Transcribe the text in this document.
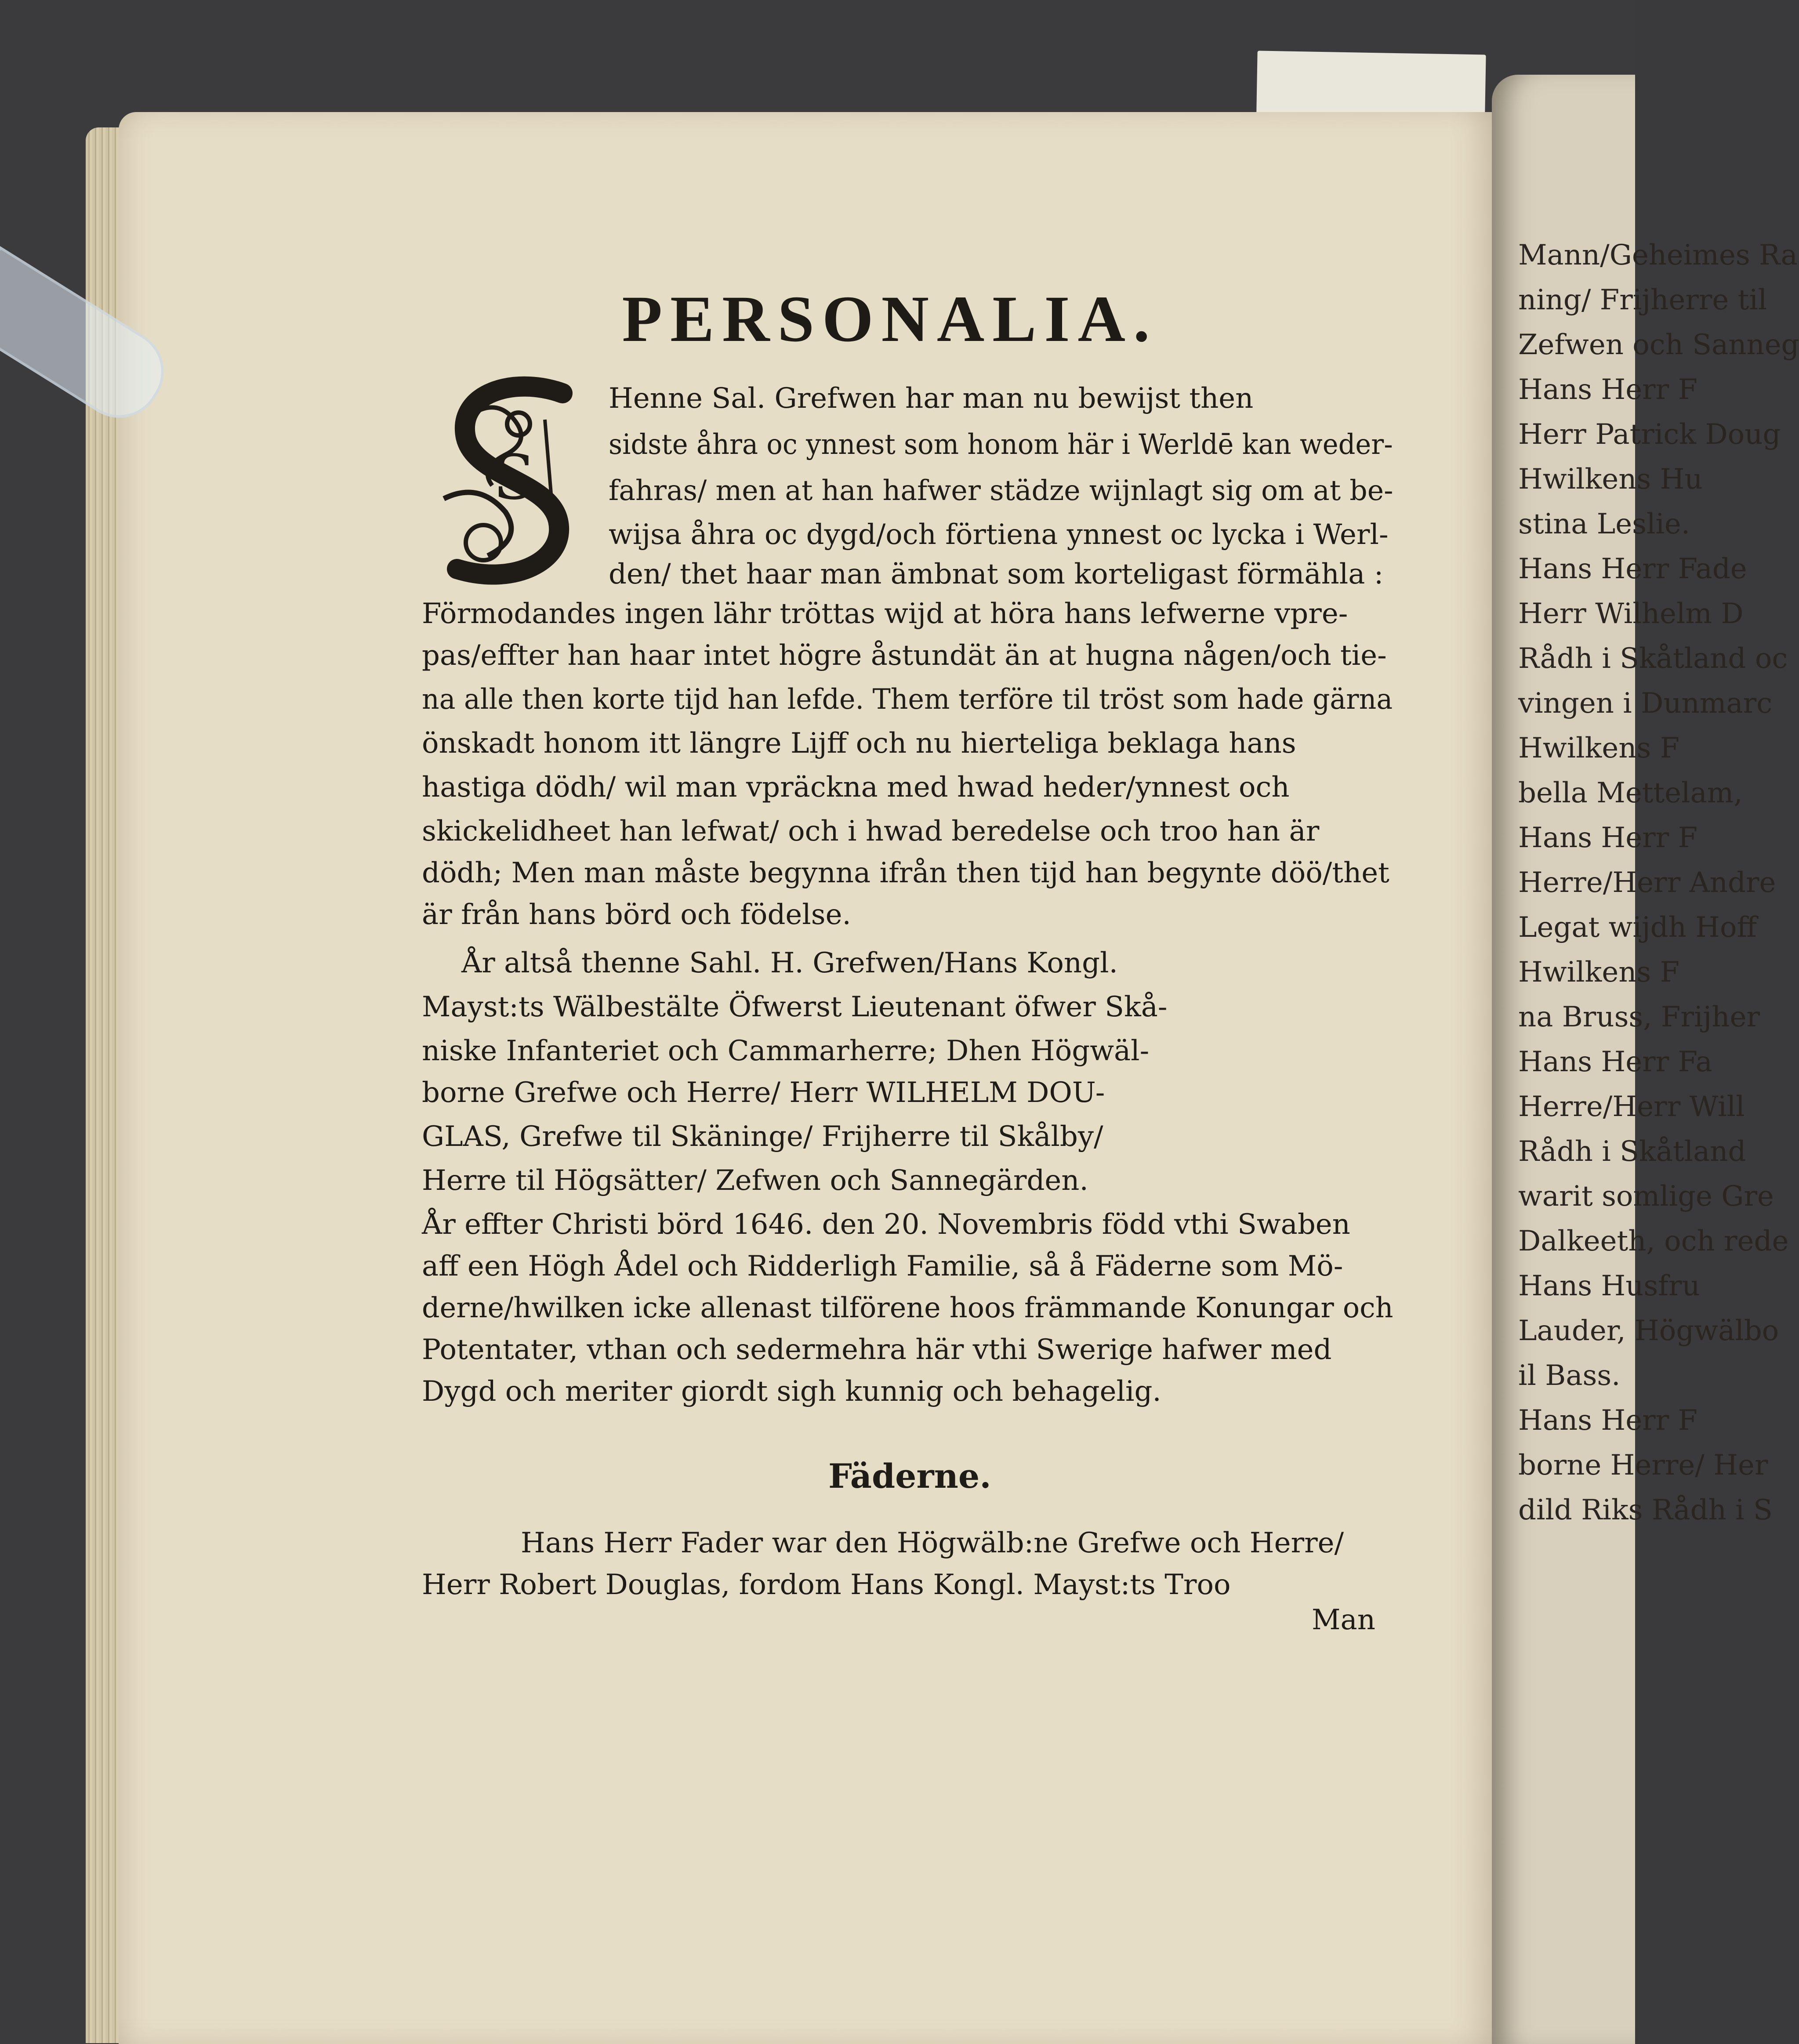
Mann/Geheimes Ra
ning/ Frijherre til
Zefwen och Sanneg
Hans Herr F
Herr Patrick Doug
Hwilkens Hu
stina Leslie.
Hans Herr Fade
Herr Wilhelm D
Rådh i Skåtland oc
vingen i Dunmarc
Hwilkens F
bella Mettelam,
Hans Herr F
Herre/Herr Andre
Legat wijdh Hoff
Hwilkens F
na Bruss, Frijher
Hans Herr Fa
Herre/Herr Will
Rådh i Skåtland
warit somlige Gre
Dalkeeth, och rede
Hans Husfru
Lauder, Högwälbo
il Bass.
Hans Herr F
borne Herre/ Her
dild Riks Rådh i S
PERSONALIA.
S

Henne Sal. Grefwen har man nu bewijst then

sidste åhra oc ynnest som honom här i Werldē kan weder-

fahras/ men at han hafwer städze wijnlagt sig om at be-

wijsa åhra oc dygd/och förtiena ynnest oc lycka i Werl-

den/ thet haar man ämbnat som korteligast förmähla :

Förmodandes ingen lähr tröttas wijd at höra hans lefwerne vpre-

pas/effter han haar intet högre åstundät än at hugna någen/och tie-

na alle then korte tijd han lefde. Them terföre til tröst som hade gärna

önskadt honom itt längre Lijff och nu hierteliga beklaga hans

hastiga dödh/ wil man vpräckna med hwad heder/ynnest och

skickelidheet han lefwat/ och i hwad beredelse och troo han är

dödh; Men man måste begynna ifrån then tijd han begynte döö/thet

är från hans börd och födelse.

År altså thenne Sahl. H. Grefwen/Hans Kongl.

Mayst:ts Wälbestälte Öfwerst Lieutenant öfwer Skå-

niske Infanteriet och Cammarherre; Dhen Högwäl-

borne Grefwe och Herre/ Herr WILHELM DOU-

GLAS, Grefwe til Skäninge/ Frijherre til Skålby/

Herre til Högsätter/ Zefwen och Sannegärden.

År effter Christi börd 1646. den 20. Novembris född vthi Swaben

aff een Högh Ådel och Ridderligh Familie, så å Fäderne som Mö-

derne/hwilken icke allenast tilförene hoos främmande Konungar och

Potentater, vthan och sedermehra här vthi Swerige hafwer med

Dygd och meriter giordt sigh kunnig och behagelig.

Fäderne.

Hans Herr Fader war den Högwälb:ne Grefwe och Herre/

Herr Robert Douglas, fordom Hans Kongl. Mayst:ts Troo

Man
